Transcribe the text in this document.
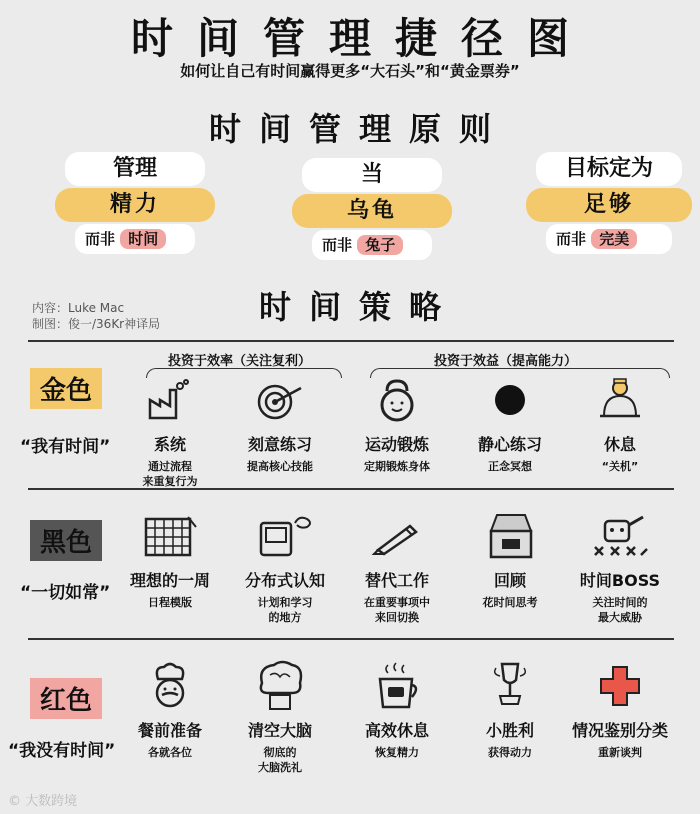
时间管理捷径图
如何让自己有时间赢得更多“大石头”和“黄金票券”
时间管理原则
管理
精力
而非 时间
当
乌龟
而非 兔子
目标定为
足够
而非 完美
内容：Luke Mac
制图：俊一/36Kr神译局	时间策略
投资于效率（关注复利）	投资于效益（提高能力）
金色
“我有时间”	系统
通过流程
来重复行为
刻意练习
提高核心技能
运动锻炼
定期锻炼身体
静心练习
正念冥想
休息
“关机”
黑色
“一切如常”
理想的一周
日程模版
分布式认知
计划和学习
的地方
替代工作
在重要事项中
来回切换
回顾
花时间思考
时间BOSS
关注时间的
最大威胁
红色
“我没有时间”
餐前准备
各就各位
清空大脑
彻底的
大脑洗礼
高效休息
恢复精力
小胜利
获得动力
情况鉴别分类
重新谈判
© 大数跨境
